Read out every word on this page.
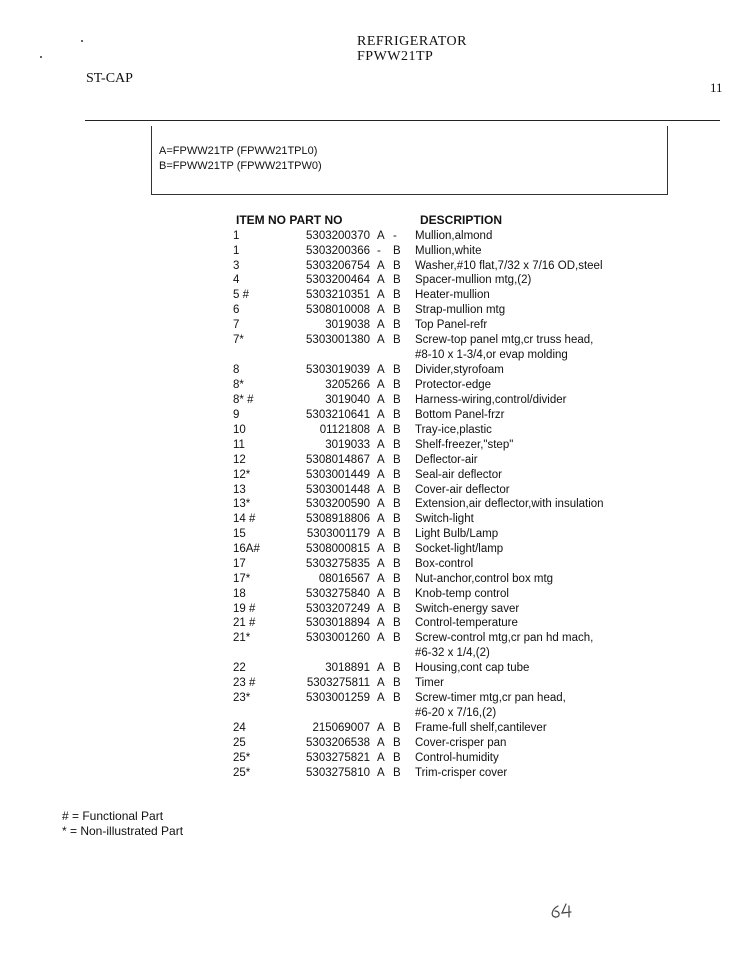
REFRIGERATOR
FPWW21TP
ST-CAP
11
A=FPWW21TP (FPWW21TPL0)
B=FPWW21TP (FPWW21TPW0)
ITEM NO PART NO	DESCRIPTION
1	5303200370 A - Mullion,almond
1	5303200366 - B Mullion,white
3	5303206754 A B Washer,#10 flat,7/32 x 7/16 OD,steel
4	5303200464 A B Spacer-mullion mtg,(2)
5 #	5303210351 A B Heater-mullion
6	5308010008 A B Strap-mullion mtg
7	3019038 A B Top Panel-refr
7*	5303001380 A B Screw-top panel mtg,cr truss head,
#8-10 x 1-3/4,or evap molding
8	5303019039 A B Divider,styrofoam
8*	3205266 A B Protector-edge
8* #	3019040 A B Harness-wiring,control/divider
9	5303210641 A B Bottom Panel-frzr
10	01121808 A B Tray-ice,plastic
11	3019033 A B Shelf-freezer,"step"
12	5308014867 A B Deflector-air
12*	5303001449 A B Seal-air deflector
13	5303001448 A B Cover-air deflector
13*	5303200590 A B Extension,air deflector,with insulation
14 #	5308918806 A B Switch-light
15	5303001179 A B Light Bulb/Lamp
16A#	5308000815 A B Socket-light/lamp
17	5303275835 A B Box-control
17*	08016567 A B Nut-anchor,control box mtg
18	5303275840 A B Knob-temp control
19 #	5303207249 A B Switch-energy saver
21 #	5303018894 A B Control-temperature
21*	5303001260 A B Screw-control mtg,cr pan hd mach,
#6-32 x 1/4,(2)
22	3018891 A B Housing,cont cap tube
23 #	5303275811 A B Timer
23*	5303001259 A B Screw-timer mtg,cr pan head,
#6-20 x 7/16,(2)
24	215069007 A B Frame-full shelf,cantilever
25	5303206538 A B Cover-crisper pan
25*	5303275821 A B Control-humidity
25*	5303275810 A B Trim-crisper cover
# = Functional Part
* = Non-illustrated Part
